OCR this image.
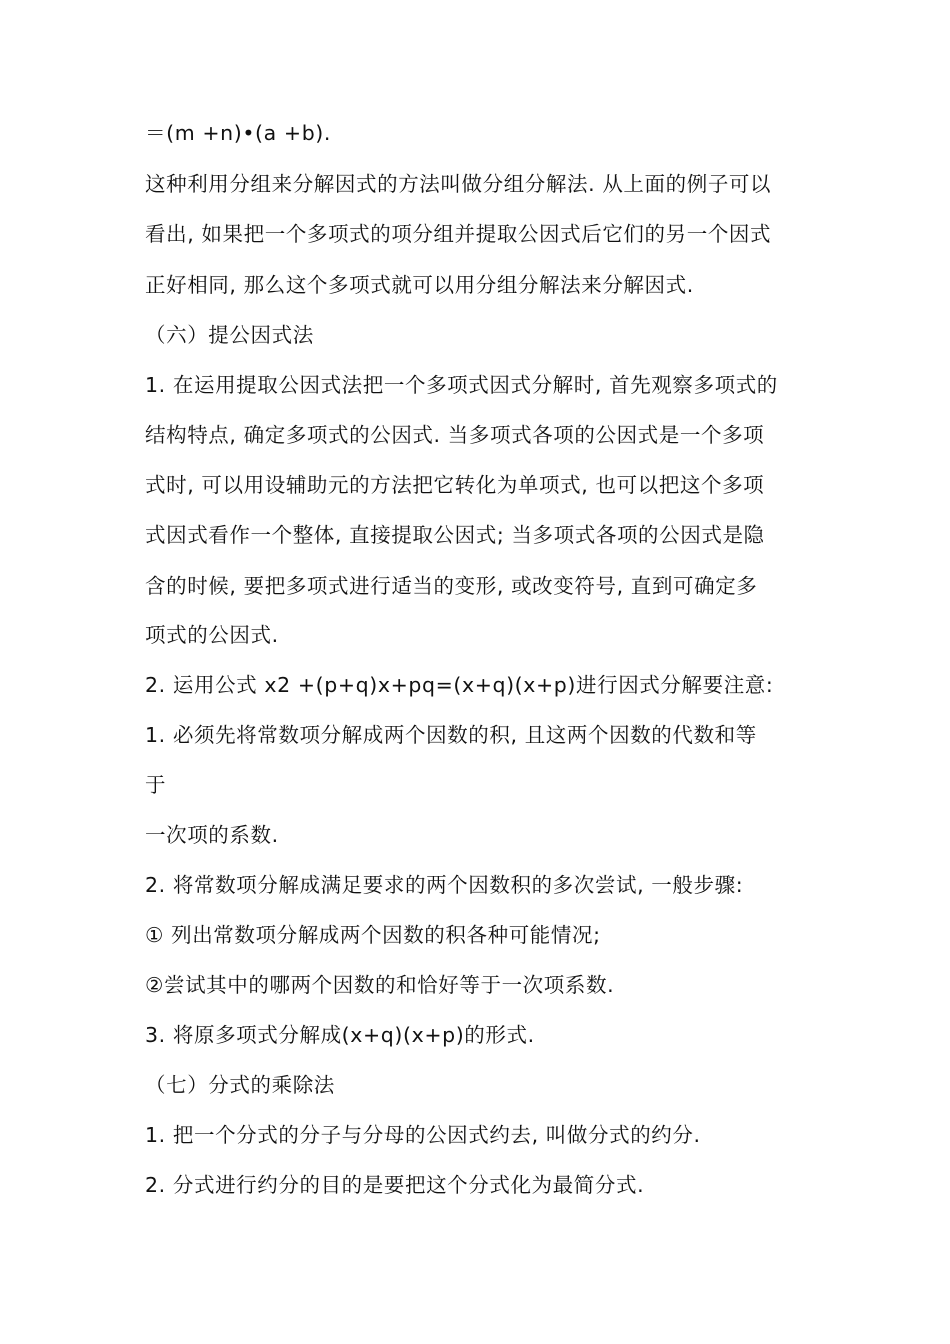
＝(m +n)•(a +b).
这种利用分组来分解因式的方法叫做分组分解法. 从上面的例子可以
看出, 如果把一个多项式的项分组并提取公因式后它们的另一个因式
正好相同, 那么这个多项式就可以用分组分解法来分解因式.
（六）提公因式法
1. 在运用提取公因式法把一个多项式因式分解时, 首先观察多项式的
结构特点, 确定多项式的公因式. 当多项式各项的公因式是一个多项
式时, 可以用设辅助元的方法把它转化为单项式, 也可以把这个多项
式因式看作一个整体, 直接提取公因式; 当多项式各项的公因式是隐
含的时候, 要把多项式进行适当的变形, 或改变符号, 直到可确定多
项式的公因式.
2. 运用公式 x2 +(p+q)x+pq=(x+q)(x+p)进行因式分解要注意:
1. 必须先将常数项分解成两个因数的积, 且这两个因数的代数和等
于
一次项的系数.
2. 将常数项分解成满足要求的两个因数积的多次尝试, 一般步骤:
① 列出常数项分解成两个因数的积各种可能情况;
②尝试其中的哪两个因数的和恰好等于一次项系数.
3. 将原多项式分解成(x+q)(x+p)的形式.
（七）分式的乘除法
1. 把一个分式的分子与分母的公因式约去, 叫做分式的约分.
2. 分式进行约分的目的是要把这个分式化为最简分式.
